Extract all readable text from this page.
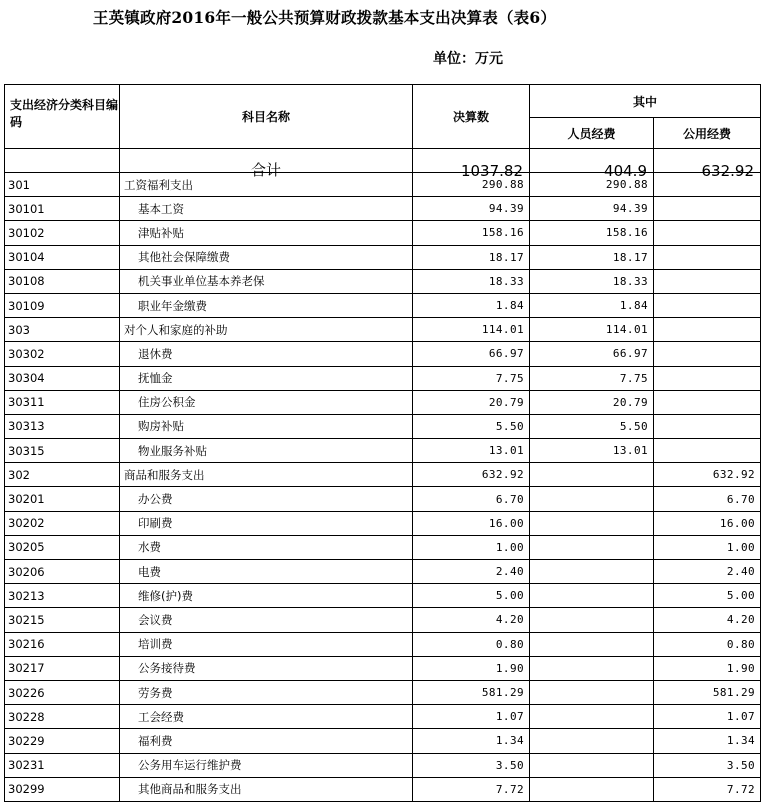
王英镇政府2016年一般公共预算财政拨款基本支出决算表（表6）
单位：万元
支出经济分类科目编码	科目名称	决算数	其中	
			人员经费	公用经费

	合计	1037.82	404.9	632.92

301	工资福利支出	290.88	290.88	
30101	基本工资	94.39	94.39	
30102	津贴补贴	158.16	158.16	
30104	其他社会保障缴费	18.17	18.17	
30108	机关事业单位基本养老保	18.33	18.33	
30109	职业年金缴费	1.84	1.84	
303	对个人和家庭的补助	114.01	114.01	
30302	退休费	66.97	66.97	
30304	抚恤金	7.75	7.75	
30311	住房公积金	20.79	20.79	
30313	购房补贴	5.50	5.50	
30315	物业服务补贴	13.01	13.01	
302	商品和服务支出	632.92		632.92
30201	办公费	6.70		6.70
30202	印刷费	16.00		16.00
30205	水费	1.00		1.00
30206	电费	2.40		2.40
30213	维修(护)费	5.00		5.00
30215	会议费	4.20		4.20
30216	培训费	0.80		0.80
30217	公务接待费	1.90		1.90
30226	劳务费	581.29		581.29
30228	工会经费	1.07		1.07
30229	福利费	1.34		1.34
30231	公务用车运行维护费	3.50		3.50
30299	其他商品和服务支出	7.72		7.72
